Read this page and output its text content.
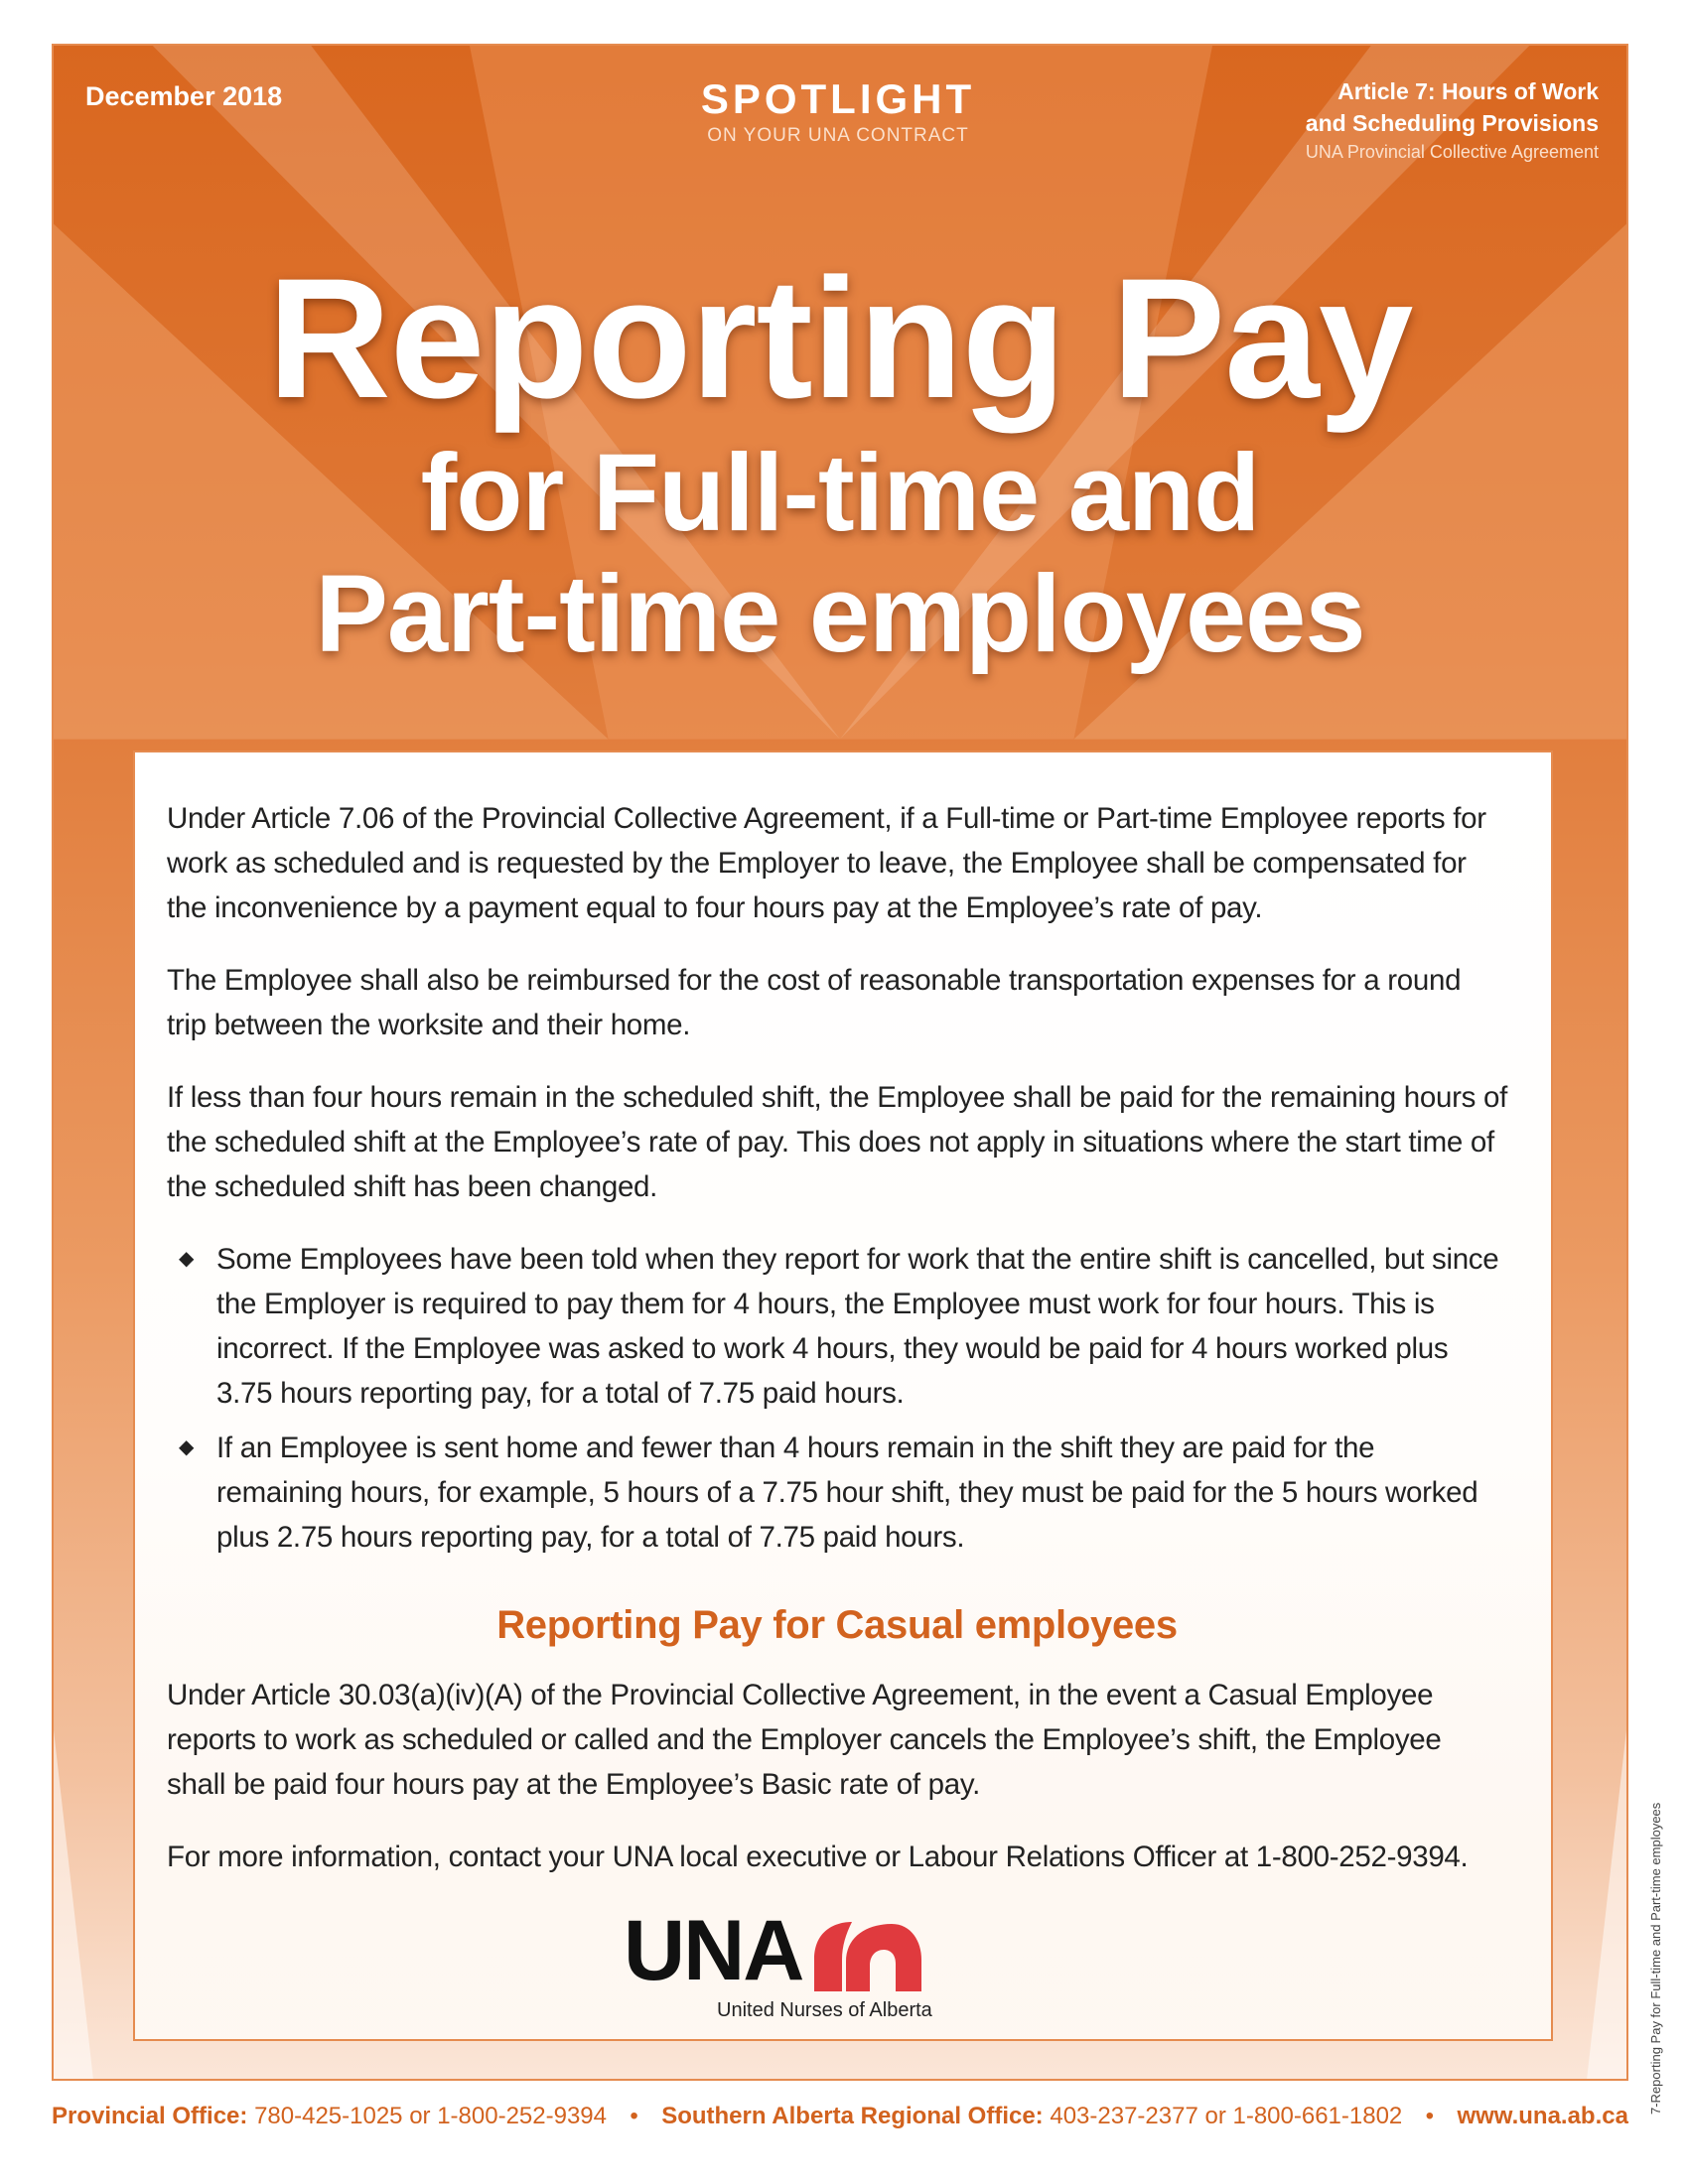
December 2018	SPOTLIGHT
ON YOUR UNA CONTRACT
Article 7: Hours of Work
and Scheduling Provisions
UNA Provincial Collective Agreement
Reporting Pay
for Full-time and
Part-time employees

Under Article 7.06 of the Provincial Collective Agreement, if a Full-time or Part-time Employee reports for work as scheduled and is requested by the Employer to leave, the Employee shall be compensated for the inconvenience by a payment equal to four hours pay at the Employee’s rate of pay.

The Employee shall also be reimbursed for the cost of reasonable transportation expenses for a round trip between the worksite and their home.

If less than four hours remain in the scheduled shift, the Employee shall be paid for the remaining hours of the scheduled shift at the Employee’s rate of pay. This does not apply in situations where the start time of the scheduled shift has been changed.

◆ Some Employees have been told when they report for work that the entire shift is cancelled, but since the Employer is required to pay them for 4 hours, the Employee must work for four hours. This is incorrect. If the Employee was asked to work 4 hours, they would be paid for 4 hours worked plus 3.75 hours reporting pay, for a total of 7.75 paid hours.
◆ If an Employee is sent home and fewer than 4 hours remain in the shift they are paid for the remaining hours, for example, 5 hours of a 7.75 hour shift, they must be paid for the 5 hours worked plus 2.75 hours reporting pay, for a total of 7.75 paid hours.
Reporting Pay for Casual employees

Under Article 30.03(a)(iv)(A) of the Provincial Collective Agreement, in the event a Casual Employee reports to work as scheduled or called and the Employer cancels the Employee’s shift, the Employee shall be paid four hours pay at the Employee’s Basic rate of pay.

For more information, contact your UNA local executive or Labour Relations Officer at 1-800-252-9394.

UNA
United Nurses of Alberta	7-Reporting Pay for Full-time and Part-time employees
Provincial Office: 780-425-1025 or 1-800-252-9394 • Southern Alberta Regional Office: 403-237-2377 or 1-800-661-1802 • www.una.ab.ca
